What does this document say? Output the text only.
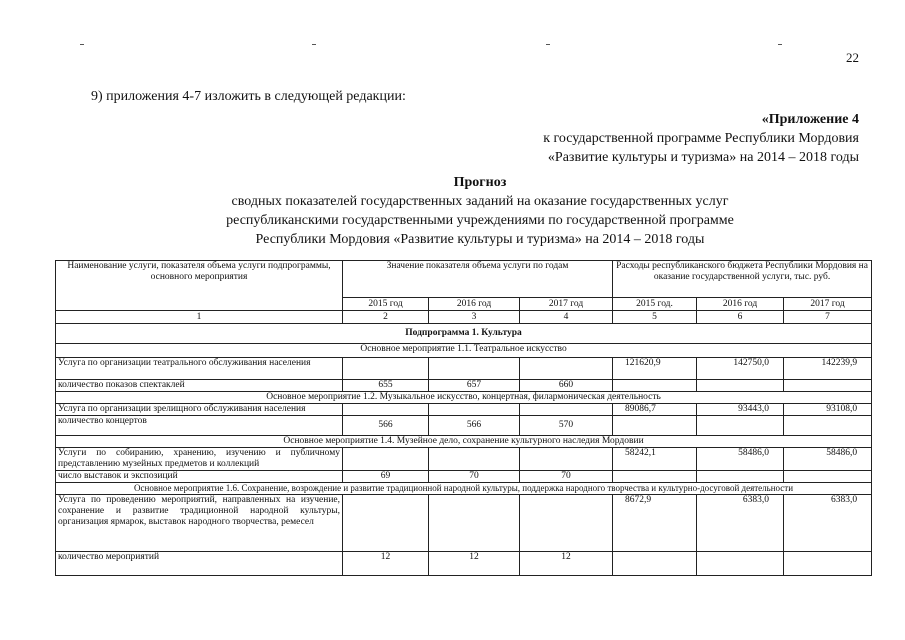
22
9) приложения 4-7 изложить в следующей редакции:
«Приложение 4
к государственной программе Республики Мордовия
«Развитие культуры и туризма» на 2014 – 2018 годы
Прогноз
сводных показателей государственных заданий на оказание государственных услуг
республиканскими государственными учреждениями по государственной программе
Республики Мордовия «Развитие культуры и туризма» на 2014 – 2018 годы
Наименование услуги, показателя объема услуги подпрограммы, основного мероприятия	Значение показателя объема услуги по годам			Расходы республиканского бюджета Республики Мордовия на оказание государственной услуги, тыс. руб.		
	2015 год	2016 год	2017 год	2015 год.	2016 год	2017 год
1	2	3	4	5	6	7
Подпрограмма 1. Культура						
Основное мероприятие 1.1. Театральное искусство						
Услуга по организации театрального обслуживания населения				121620,9	142750,0	142239,9
количество показов спектаклей	655	657	660			
Основное мероприятие 1.2. Музыкальное искусство, концертная, филармоническая деятельность						
Услуга по организации зрелищного обслуживания населения				89086,7	93443,0	93108,0
количество концертов	566	566	570			
Основное мероприятие 1.4. Музейное дело, сохранение культурного наследия Мордовии						
Услуги по собиранию, хранению, изучению и публичному представлению музейных предметов и коллекций				58242,1	58486,0	58486,0
число выставок и экспозиций	69	70	70			
Основное мероприятие 1.6. Сохранение, возрождение и развитие традиционной народной культуры, поддержка народного творчества и культурно-досуговой деятельности						
Услуга по проведению мероприятий, направленных на изучение, сохранение и развитие традиционной народной культуры, организация ярмарок, выставок народного творчества, ремесел				8672,9	6383,0	6383,0
количество мероприятий	12	12	12			
